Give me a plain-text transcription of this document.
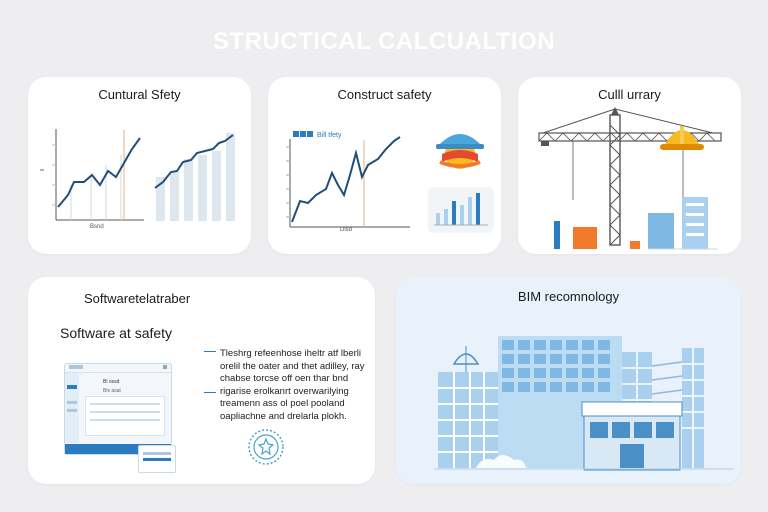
STRUCTICAL CALCUALTION
Cuntural Sfety
Bsnd
Construct safety
Bill tfety
Dlsd
Culll urrary
Softwaretelatraber
Software at safety
Bl ossd
Blx asat
Tleshrg refeenhose iheltr atf lberli
orelil the oater and thet adilley, ray
chabse torcse off oen thar bnd
rigarise erolkanrt overwarilying
treamenn ass ol poel pooland
oapliachne and drelarla plokh.
BIM recomnology
